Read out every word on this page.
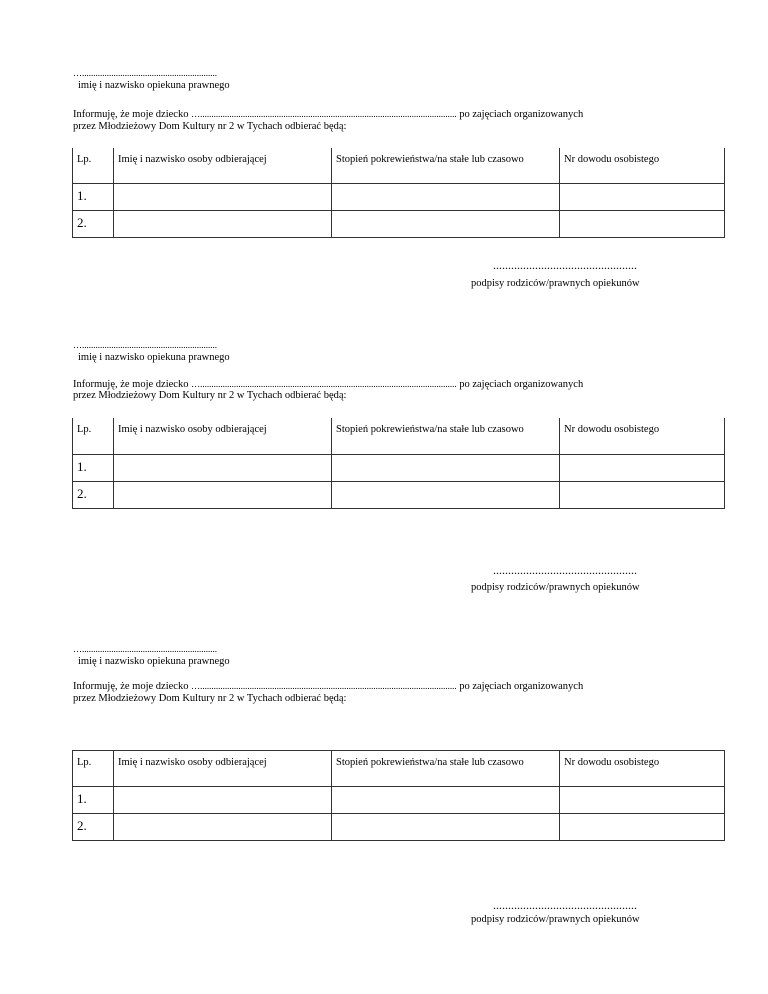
…............................................................
imię i nazwisko opiekuna prawnego
Informuję, że moje dziecko ….................................................................................................................. po zajęciach organizowanych
przez Młodzieżowy Dom Kultury nr 2 w Tychach odbierać będą:
Lp.	Imię i nazwisko osoby odbierającej	Stopień pokrewieństwa/na stałe lub czasowo	Nr dowodu osobistego
1.			
2.			
................................................
podpisy rodziców/prawnych opiekunów
…............................................................
imię i nazwisko opiekuna prawnego
Informuję, że moje dziecko ….................................................................................................................. po zajęciach organizowanych
przez Młodzieżowy Dom Kultury nr 2 w Tychach odbierać będą:
Lp.	Imię i nazwisko osoby odbierającej	Stopień pokrewieństwa/na stałe lub czasowo	Nr dowodu osobistego
1.			
2.			
................................................
podpisy rodziców/prawnych opiekunów
…............................................................
imię i nazwisko opiekuna prawnego
Informuję, że moje dziecko ….................................................................................................................. po zajęciach organizowanych
przez Młodzieżowy Dom Kultury nr 2 w Tychach odbierać będą:
Lp.	Imię i nazwisko osoby odbierającej	Stopień pokrewieństwa/na stałe lub czasowo	Nr dowodu osobistego
1.			
2.			
................................................
podpisy rodziców/prawnych opiekunów
